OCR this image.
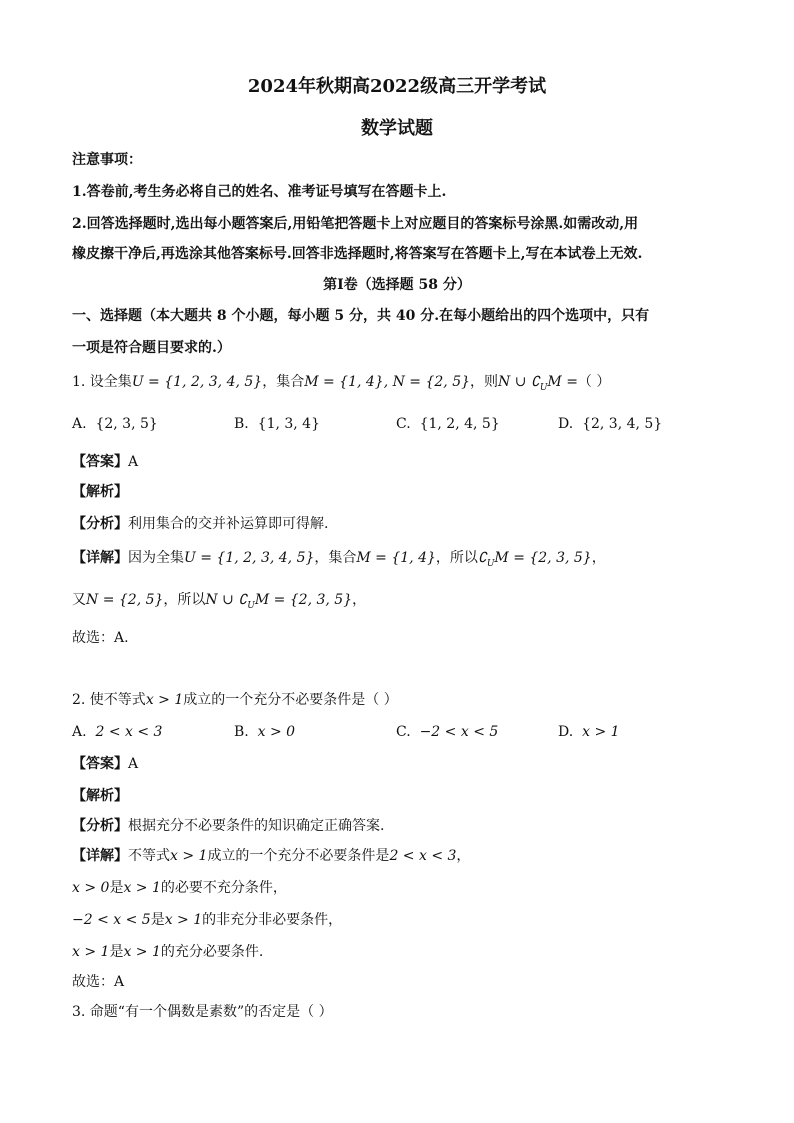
2024年秋期高2022级高三开学考试
数学试题
注意事项：
1.答卷前,考生务必将自己的姓名、准考证号填写在答题卡上.
2.回答选择题时,选出每小题答案后,用铅笔把答题卡上对应题目的答案标号涂黑.如需改动,用
橡皮擦干净后,再选涂其他答案标号.回答非选择题时,将答案写在答题卡上,写在本试卷上无效.
第Ⅰ卷（选择题 58 分）
一、选择题（本大题共 8 个小题，每小题 5 分，共 40 分.在每小题给出的四个选项中，只有
一项是符合题目要求的.）
1. 设全集U = {1, 2, 3, 4, 5}，集合M = {1, 4}, N = {2, 5}，则N ∪ $∁_UM$ =（ ）
A. {2, 3, 5}	B. {1, 3, 4}	C. {1, 2, 4, 5}	D. {2, 3, 4, 5}
【答案】A
【解析】
【分析】利用集合的交并补运算即可得解.
【详解】因为全集U = {1, 2, 3, 4, 5}，集合M = {1, 4}，所以$∁_UM = \{2$, 3, 5}，
又N = {2, 5}，所以N ∪ $∁_UM = \{2$, 3, 5}，
故选：A.
2. 使不等式x > 1成立的一个充分不必要条件是（ ）
A. 2 < x < 3	B. x > 0	C. −2 < x < 5	D. x > 1
【答案】A
【解析】
【分析】根据充分不必要条件的知识确定正确答案.
【详解】不等式x > 1成立的一个充分不必要条件是2 < x < 3，
x > 0是x > 1的必要不充分条件，
−2 < x < 5是x > 1的非充分非必要条件，
x > 1是x > 1的充分必要条件.
故选：A
3. 命题“有一个偶数是素数”的否定是（ ）
